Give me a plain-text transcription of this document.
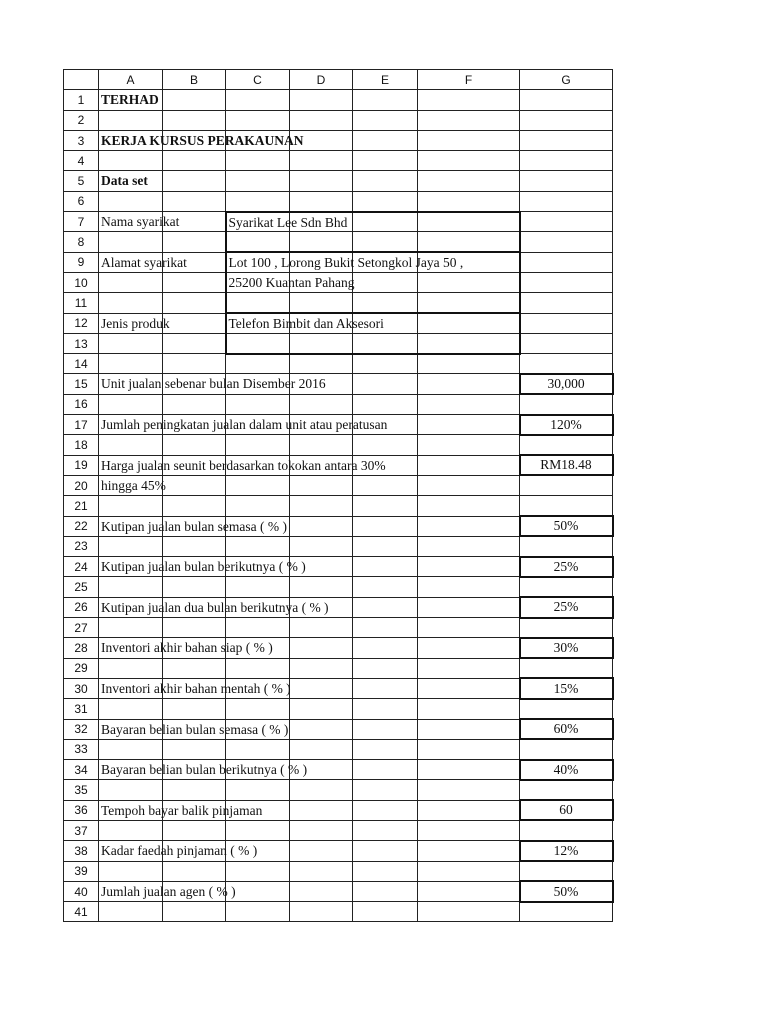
	A	B	C	D	E	F	G
1	TERHAD						

2							
3	KERJA KURSUS PERAKAUNAN						

4							
5	Data set						

6							
7	Nama syarikat		Syarikat Lee Sdn Bhd				

8							
9	Alamat syarikat		Lot 100 , Lorong Bukit Setongkol Jaya 50 ,				

10			25200 Kuantan Pahang				

11							
12	Jenis produk		Telefon Bimbit dan Aksesori				

13							
14							
15	Unit jualan sebenar bulan Disember 2016						30,000
16							
17	Jumlah peningkatan jualan dalam unit atau peratusan						120%
18							
19	Harga jualan seunit berdasarkan tokokan antara 30%						RM18.48
20	hingga 45%						

21							
22	Kutipan jualan bulan semasa ( % )						50%
23							
24	Kutipan jualan bulan berikutnya ( % )						25%
25							
26	Kutipan jualan dua bulan berikutnya ( % )						25%
27							
28	Inventori akhir bahan siap ( % )						30%
29							
30	Inventori akhir bahan mentah ( % )						15%
31							
32	Bayaran belian bulan semasa ( % )						60%
33							
34	Bayaran belian bulan berikutnya ( % )						40%
35							
36	Tempoh bayar balik pinjaman						60
37							
38	Kadar faedah pinjaman ( % )						12%
39							
40	Jumlah jualan agen ( % )						50%
41							
